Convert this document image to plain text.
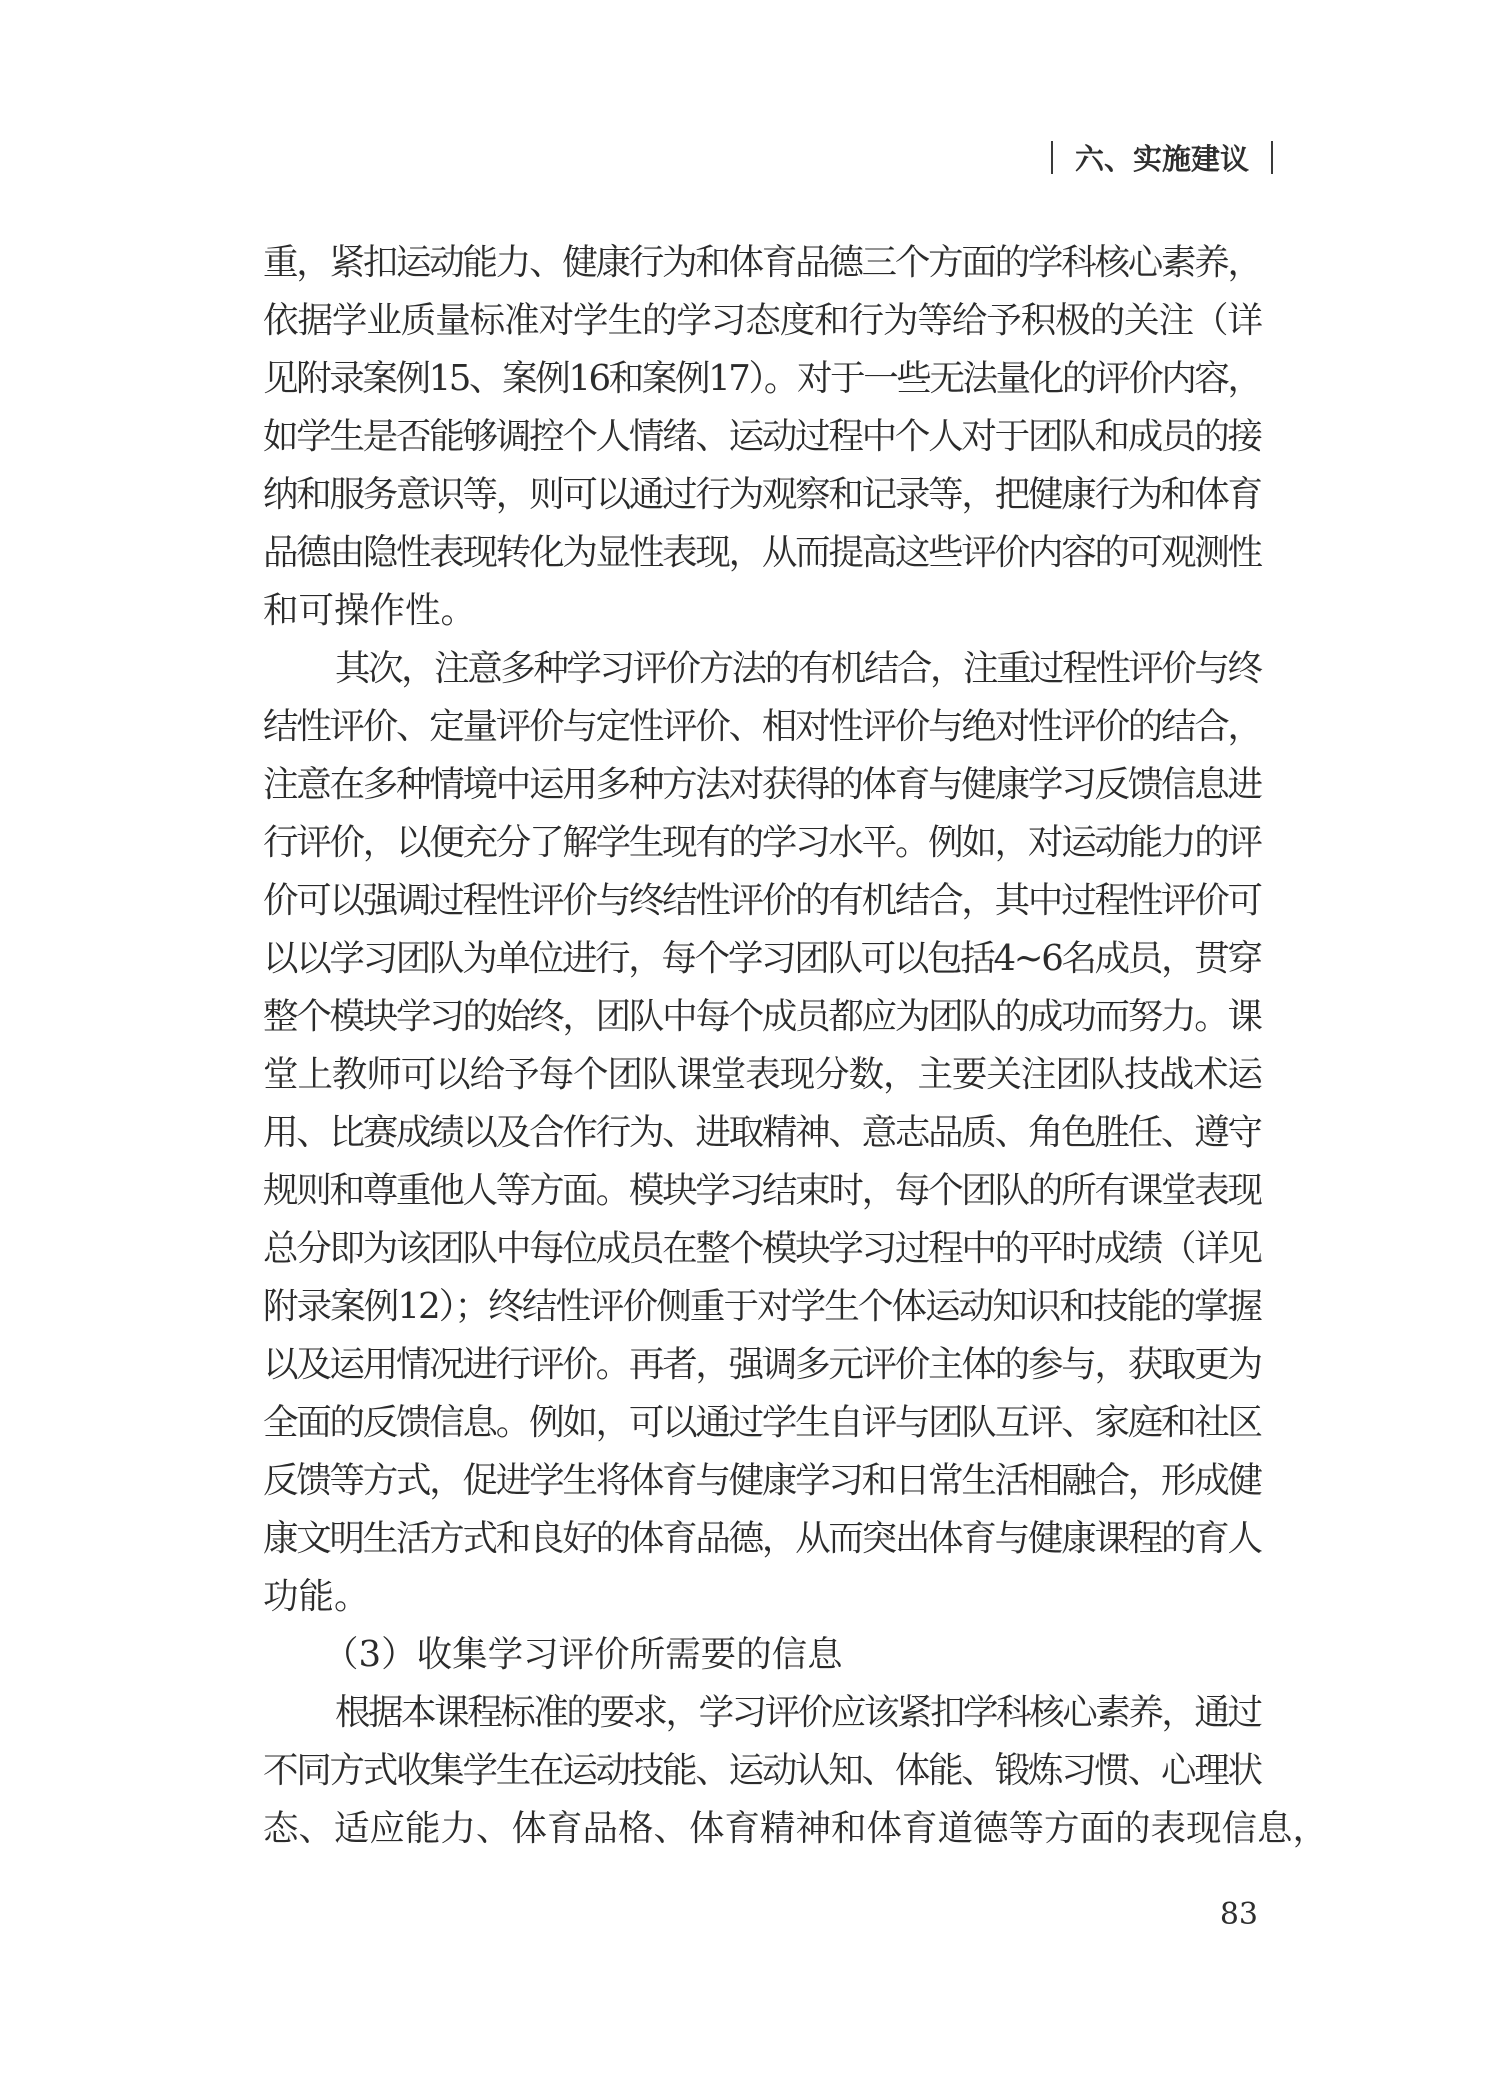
六、实施建议
重，紧扣运动能力、健康行为和体育品德三个方面的学科核心素养，
依据学业质量标准对学生的学习态度和行为等给予积极的关注（详
见附录案例15、案例16和案例17）。对于一些无法量化的评价内容，
如学生是否能够调控个人情绪、运动过程中个人对于团队和成员的接
纳和服务意识等，则可以通过行为观察和记录等，把健康行为和体育
品德由隐性表现转化为显性表现，从而提高这些评价内容的可观测性
和可操作性。
其次，注意多种学习评价方法的有机结合，注重过程性评价与终
结性评价、定量评价与定性评价、相对性评价与绝对性评价的结合，
注意在多种情境中运用多种方法对获得的体育与健康学习反馈信息进
行评价，以便充分了解学生现有的学习水平。例如，对运动能力的评
价可以强调过程性评价与终结性评价的有机结合，其中过程性评价可
以以学习团队为单位进行，每个学习团队可以包括4~6名成员，贯穿
整个模块学习的始终，团队中每个成员都应为团队的成功而努力。课
堂上教师可以给予每个团队课堂表现分数，主要关注团队技战术运
用、比赛成绩以及合作行为、进取精神、意志品质、角色胜任、遵守
规则和尊重他人等方面。模块学习结束时，每个团队的所有课堂表现
总分即为该团队中每位成员在整个模块学习过程中的平时成绩（详见
附录案例12）；终结性评价侧重于对学生个体运动知识和技能的掌握
以及运用情况进行评价。再者，强调多元评价主体的参与，获取更为
全面的反馈信息。例如，可以通过学生自评与团队互评、家庭和社区
反馈等方式，促进学生将体育与健康学习和日常生活相融合，形成健
康文明生活方式和良好的体育品德，从而突出体育与健康课程的育人
功能。
（3）收集学习评价所需要的信息
根据本课程标准的要求，学习评价应该紧扣学科核心素养，通过
不同方式收集学生在运动技能、运动认知、体能、锻炼习惯、心理状
态、适应能力、体育品格、体育精神和体育道德等方面的表现信息，
83
